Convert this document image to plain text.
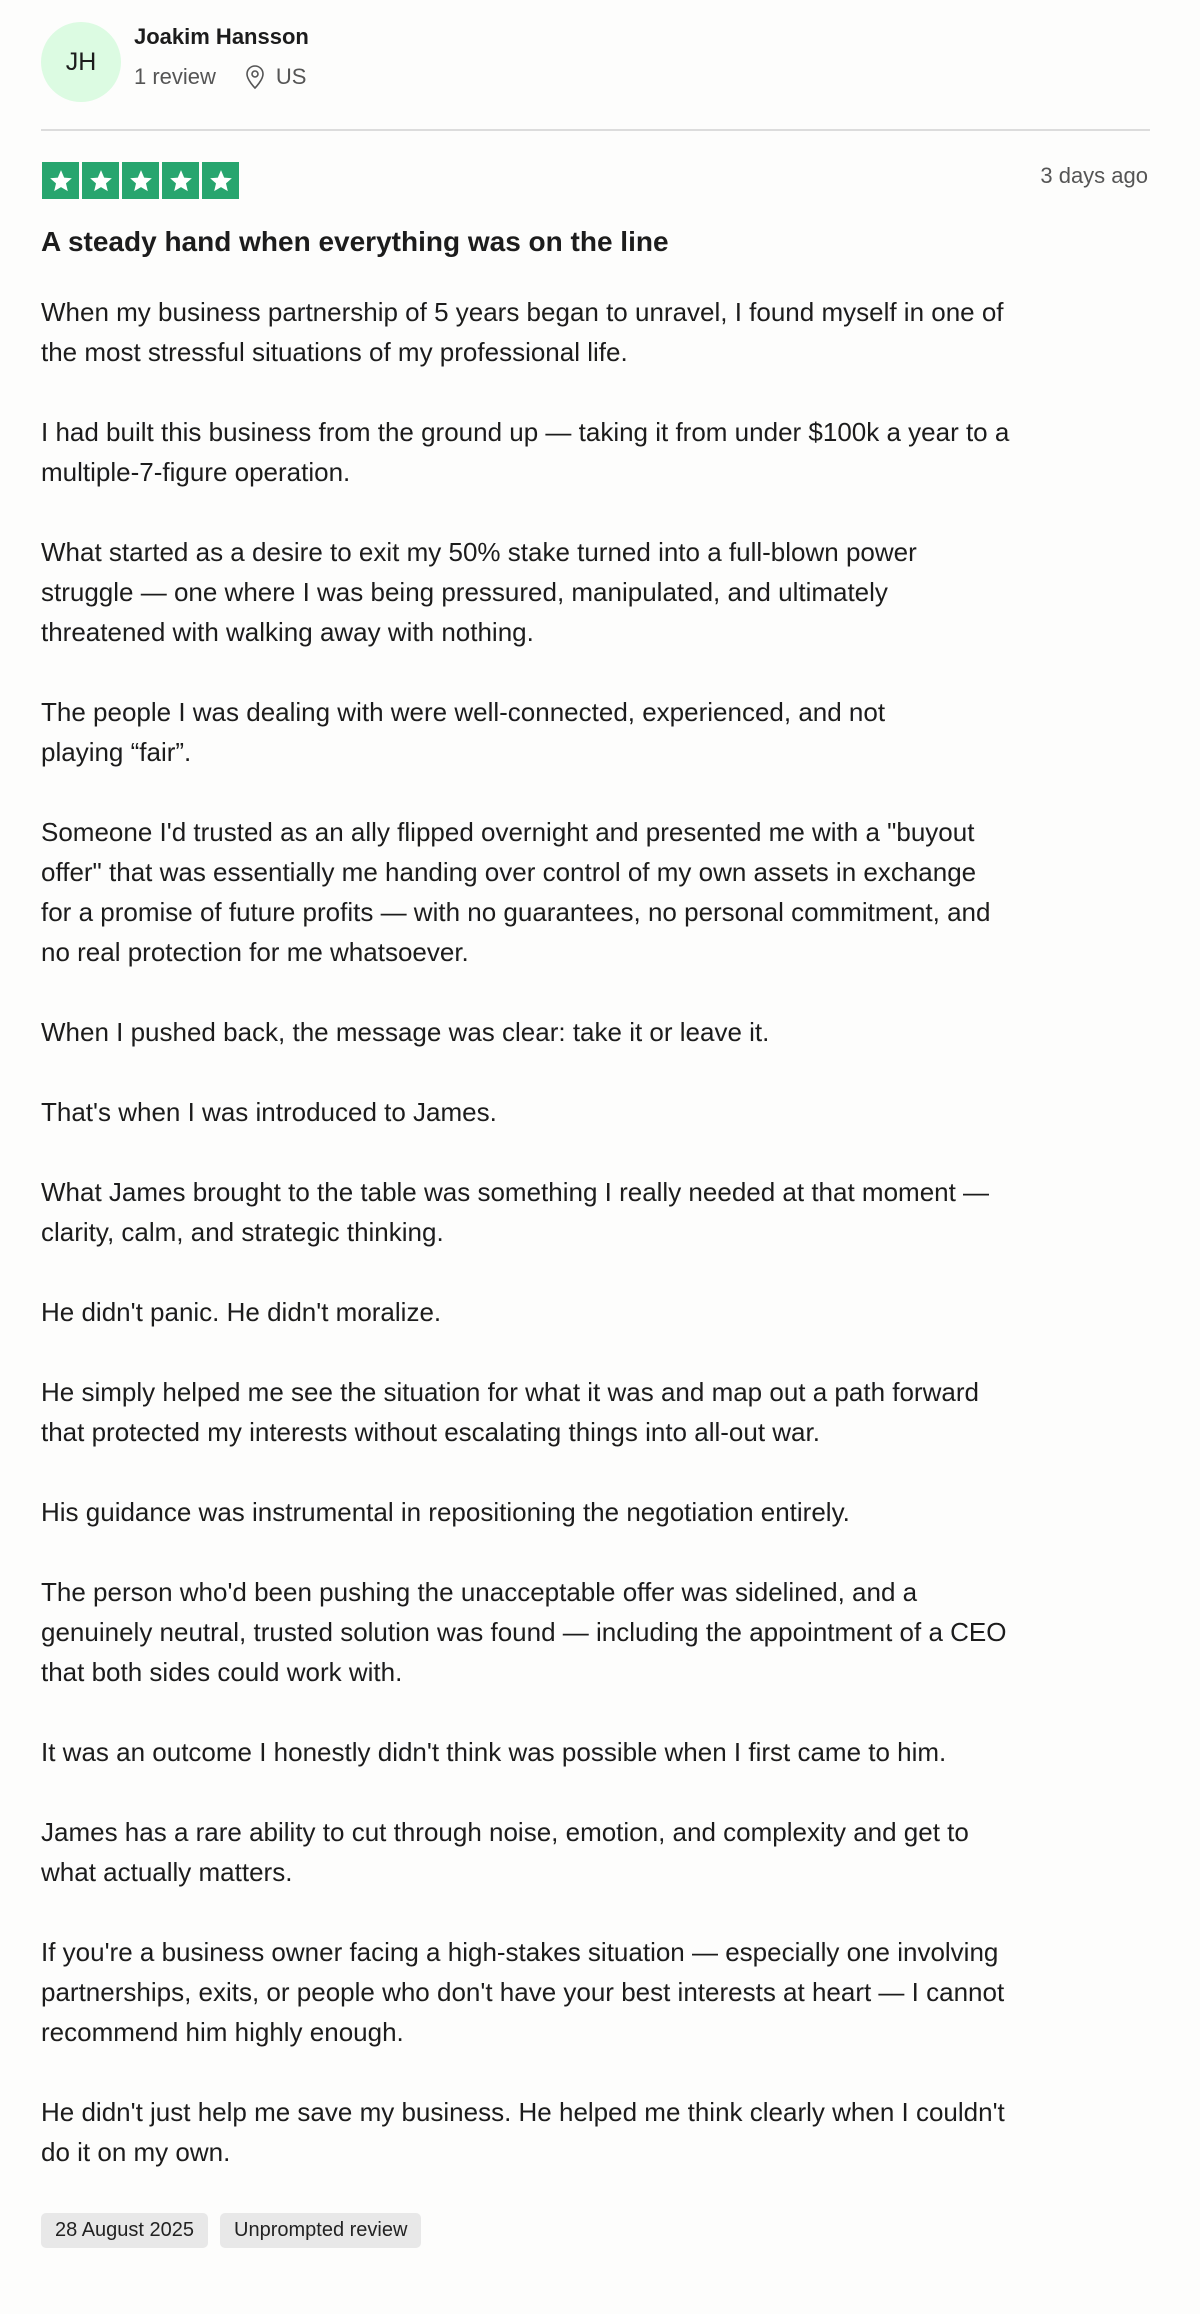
JH
Joakim Hansson
1 review	US
3 days ago
A steady hand when everything was on the line

When my business partnership of 5 years began to unravel, I found myself in one of
the most stressful situations of my professional life.

I had built this business from the ground up — taking it from under $100k a year to a
multiple-7-figure operation.

What started as a desire to exit my 50% stake turned into a full-blown power
struggle — one where I was being pressured, manipulated, and ultimately
threatened with walking away with nothing.

The people I was dealing with were well-connected, experienced, and not
playing “fair”.

Someone I'd trusted as an ally flipped overnight and presented me with a "buyout
offer" that was essentially me handing over control of my own assets in exchange
for a promise of future profits — with no guarantees, no personal commitment, and
no real protection for me whatsoever.

When I pushed back, the message was clear: take it or leave it.

That's when I was introduced to James.

What James brought to the table was something I really needed at that moment —
clarity, calm, and strategic thinking.

He didn't panic. He didn't moralize.

He simply helped me see the situation for what it was and map out a path forward
that protected my interests without escalating things into all-out war.

His guidance was instrumental in repositioning the negotiation entirely.

The person who'd been pushing the unacceptable offer was sidelined, and a
genuinely neutral, trusted solution was found — including the appointment of a CEO
that both sides could work with.

It was an outcome I honestly didn't think was possible when I first came to him.

James has a rare ability to cut through noise, emotion, and complexity and get to
what actually matters.

If you're a business owner facing a high-stakes situation — especially one involving
partnerships, exits, or people who don't have your best interests at heart — I cannot
recommend him highly enough.

He didn't just help me save my business. He helped me think clearly when I couldn't
do it on my own.

28 August 2025	Unprompted review
